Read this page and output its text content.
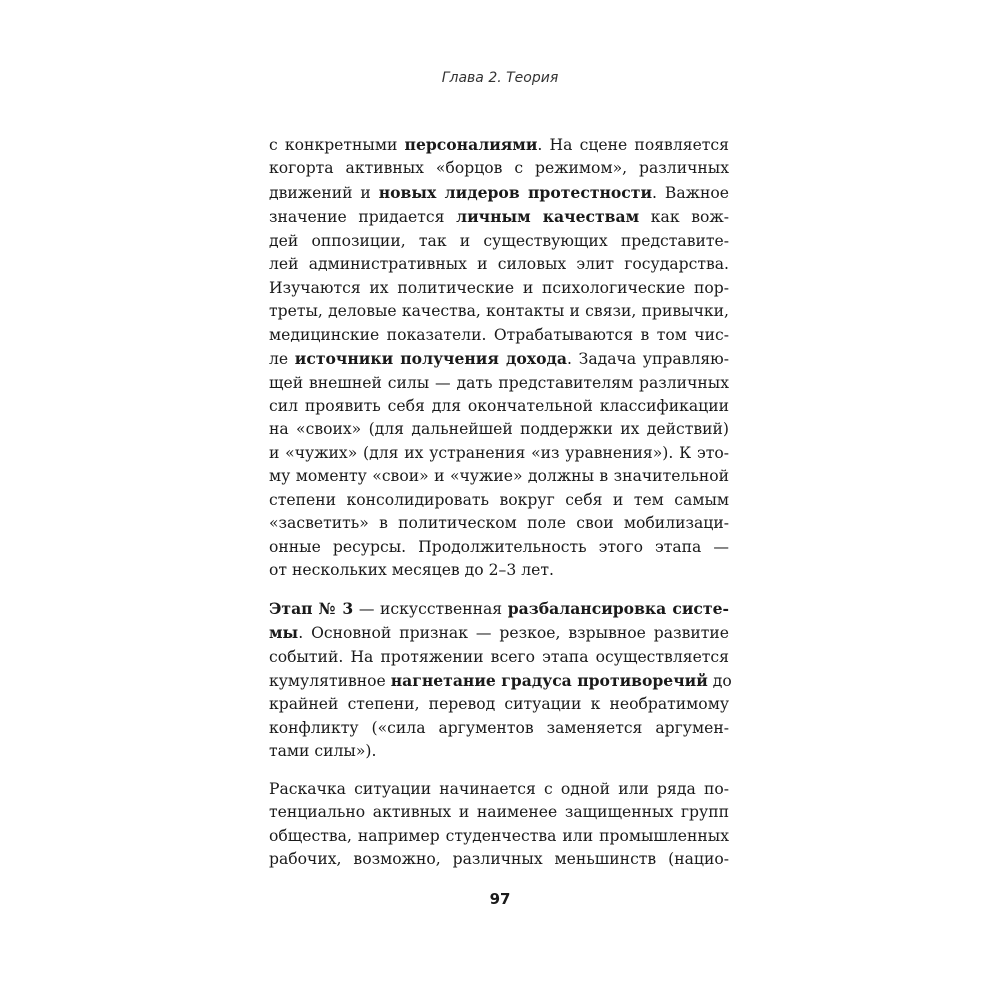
Глава 2. Теория

с конкретными персоналиями. На сцене появляется
когорта активных «борцов с режимом», различных
движений и новых лидеров протестности. Важное
значение придается личным качествам как вож-
дей оппозиции, так и существующих представите-
лей административных и силовых элит государства.
Изучаются их политические и психологические пор-
треты, деловые качества, контакты и связи, привычки,
медицинские показатели. Отрабатываются в том чис-
ле источники получения дохода. Задача управляю-
щей внешней силы — дать представителям различных
сил проявить себя для окончательной классификации
на «своих» (для дальнейшей поддержки их действий)
и «чужих» (для их устранения «из уравнения»). К это-
му моменту «свои» и «чужие» должны в значительной
степени консолидировать вокруг себя и тем самым
«засветить» в политическом поле свои мобилизаци-
онные ресурсы. Продолжительность этого этапа —
от нескольких месяцев до 2–3 лет.

Этап № 3 — искусственная разбалансировка систе-
мы. Основной признак — резкое, взрывное развитие
событий. На протяжении всего этапа осуществляется
кумулятивное нагнетание градуса противоречий до
крайней степени, перевод ситуации к необратимому
конфликту («сила аргументов заменяется аргумен-
тами силы»).

Раскачка ситуации начинается с одной или ряда по-
тенциально активных и наименее защищенных групп
общества, например студенчества или промышленных
рабочих, возможно, различных меньшинств (нацио-

97
